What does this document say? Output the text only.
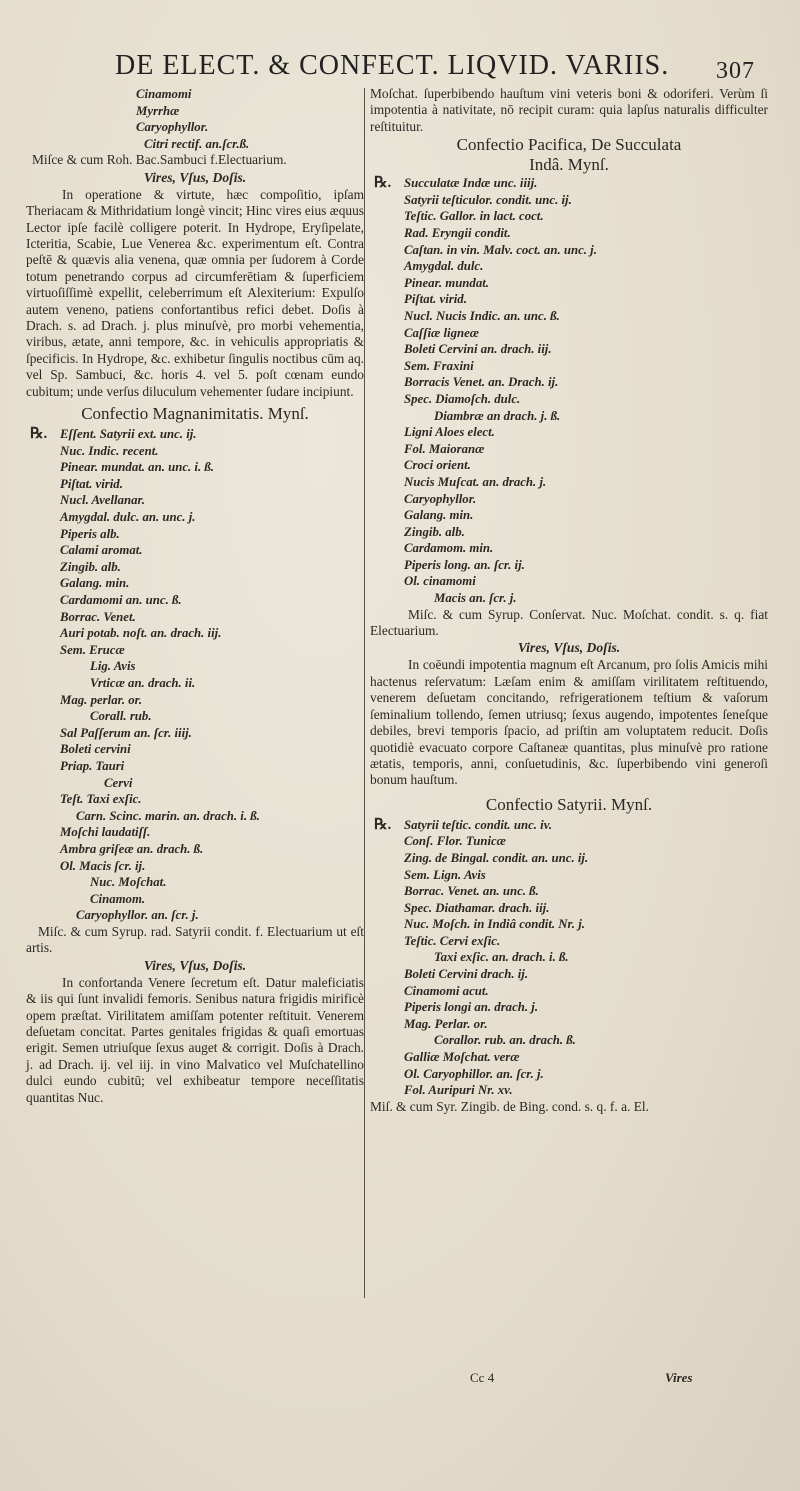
DE ELECT. & CONFECT. LIQVID. VARIIS. 307
Cinamomi
Myrrhæ
Caryophyllor.
Citri rectif. an.ſcr.ß.
Miſce & cum Roh. Bac.Sambuci f.Electuarium.
Vires, Vſus, Doſis.
In operatione & virtute, hæc compoſitio, ipſam Theriacam & Mithridatium longè vincit; Hinc vires eius æquus Lector ipſe facilè colligere poterit. In Hydrope, Eryſipelate, Icteritia, Scabie, Lue Venerea &c. experimentum eſt. Contra peſtē & quævis alia venena, quæ omnia per ſudorem à Corde totum penetrando corpus ad circumferētiam & ſuperficiem virtuoſiſſimè expellit, celeberrimum eſt Alexiterium: Expulſo autem veneno, patiens confortantibus refici debet. Doſis à Drach. s. ad Drach. j. plus minuſvè, pro morbi vehementia, viribus, ætate, anni tempore, &c. in vehiculis appropriatis & ſpecificis. In Hydrope, &c. exhibetur ſingulis noctibus cūm aq. vel Sp. Sambuci, &c. horis 4. vel 5. poſt cœnam eundo cubitum; unde verſus diluculum vehementer ſudare incipiunt.
Confectio Magnanimitatis. Mynſ.
℞. Eſſent. Satyrii ext. unc. ij.
Nuc. Indic. recent.
Pinear. mundat. an. unc. i. ß.
Piſtat. virid.
Nucl. Avellanar.
Amygdal. dulc. an. unc. j.
Piperis alb.
Calami aromat.
Zingib. alb.
Galang. min.
Cardamomi an. unc. ß.
Borrac. Venet.
Auri potab. noſt. an. drach. iij.
Sem. Erucæ
Lig. Avis
Vrticæ an. drach. ii.
Mag. perlar. or.
Corall. rub.
Sal Paſſerum an. ſcr. iiij.
Boleti cervini
Priap. Tauri
Cervi
Teſt. Taxi exſic.
Carn. Scinc. marin. an. drach. i. ß.
Moſchi laudatiſſ.
Ambra griſeæ an. drach. ß.
Ol. Macis ſcr. ij.
Nuc. Moſchat.
Cinamom.
Caryophyllor. an. ſcr. j.
Miſc. & cum Syrup. rad. Satyrii condit. f. Electuarium ut eſt artis.
Vires, Vſus, Doſis.
In confortanda Venere ſecretum eſt. Datur maleficiatis & iis qui ſunt invalidi femoris. Senibus natura frigidis mirificè opem præſtat. Virilitatem amiſſam potenter reſtituit. Venerem deſuetam concitat. Partes genitales frigidas & quaſi emortuas erigit. Semen utriuſque ſexus auget & corrigit. Doſis à Drach. j. ad Drach. ij. vel iij. in vino Malvatico vel Muſchatellino dulci eundo cubitū; vel exhibeatur tempore neceſſitatis quantitas Nuc.
Moſchat. ſuperbibendo hauſtum vini veteris boni & odoriferi. Verùm ſi impotentia à nativitate, nō recipit curam: quia lapſus naturalis difficulter reſtituitur.
Confectio Pacifica, De Succulata
Indâ. Mynſ.
℞. Succulatæ Indæ unc. iiij.
Satyrii teſticulor. condit. unc. ij.
Teſtic. Gallor. in lact. coct.
Rad. Eryngii condit.
Caſtan. in vin. Malv. coct. an. unc. j.
Amygdal. dulc.
Pinear. mundat.
Piſtat. virid.
Nucl. Nucis Indic. an. unc. ß.
Caſſiæ ligneæ
Boleti Cervini an. drach. iij.
Sem. Fraxini
Borracis Venet. an. Drach. ij.
Spec. Diamoſch. dulc.
Diambræ an drach. j. ß.
Ligni Aloes elect.
Fol. Maioranæ
Croci orient.
Nucis Muſcat. an. drach. j.
Caryophyllor.
Galang. min.
Zingib. alb.
Cardamom. min.
Piperis long. an. ſcr. ij.
Ol. cinamomi
Macis an. ſcr. j.
Miſc. & cum Syrup. Conſervat. Nuc. Moſchat. condit. s. q. fiat Electuarium.
Vires, Vſus, Doſis.
In coēundi impotentia magnum eſt Arcanum, pro ſolis Amicis mihi hactenus reſervatum: Læſam enim & amiſſam virilitatem reſtituendo, venerem deſuetam concitando, refrigerationem teſtium & vaſorum ſeminalium tollendo, ſemen utriusq; ſexus augendo, impotentes ſeneſque debiles, brevi temporis ſpacio, ad priſtin am voluptatem reducit. Doſis quotidiè evacuato corpore Caſtaneæ quantitas, plus minuſvè pro ratione ætatis, temporis, anni, conſuetudinis, &c. ſuperbibendo vini generoſi bonum hauſtum.
Confectio Satyrii. Mynſ.
℞. Satyrii teſtic. condit. unc. iv.
Conſ. Flor. Tunicæ
Zing. de Bingal. condit. an. unc. ij.
Sem. Lign. Avis
Borrac. Venet. an. unc. ß.
Spec. Diathamar. drach. iij.
Nuc. Moſch. in Indiâ condit. Nr. j.
Teſtic. Cervi exſic.
Taxi exſic. an. drach. i. ß.
Boleti Cervini drach. ij.
Cinamomi acut.
Piperis longi an. drach. j.
Mag. Perlar. or.
Corallor. rub. an. drach. ß.
Galliæ Moſchat. veræ
Ol. Caryophillor. an. ſcr. j.
Fol. Auripuri Nr. xv.
Miſ. & cum Syr. Zingib. de Bing. cond. s. q. f. a. El.
Cc 4	Vires
